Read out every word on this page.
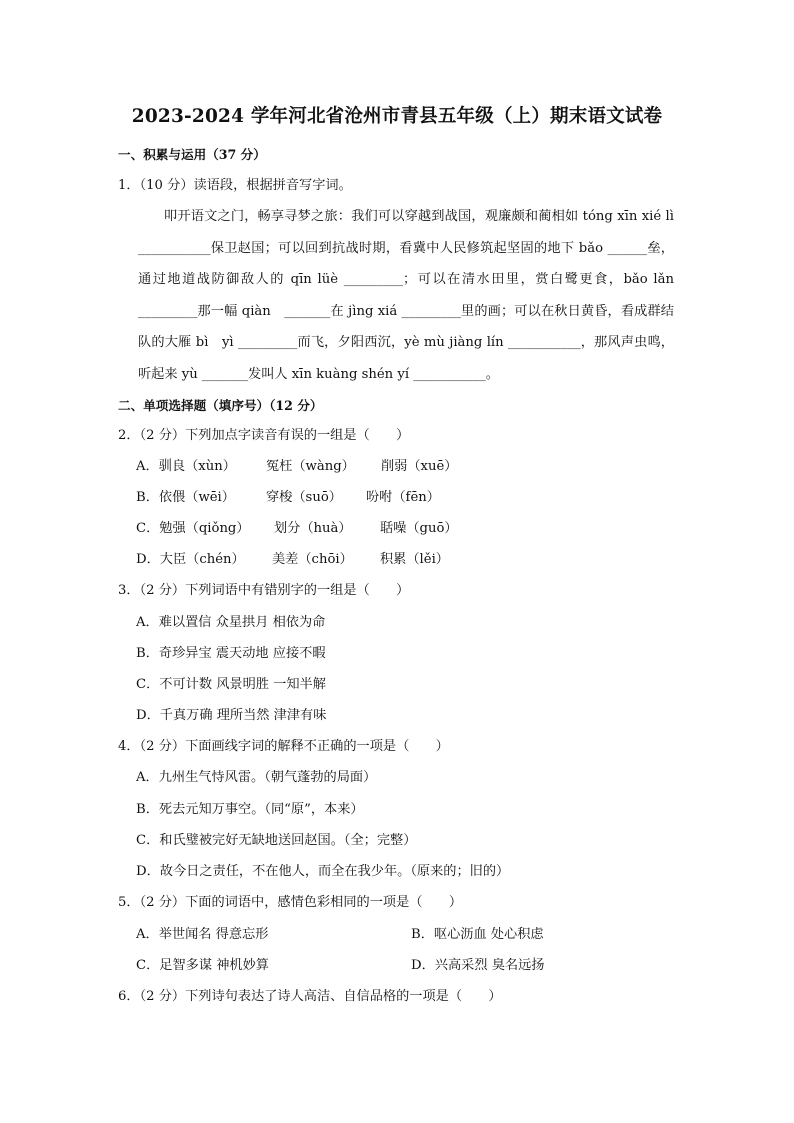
2023-2024 学年河北省沧州市青县五年级（上）期末语文试卷
一、积累与运用（37 分）
1．（10 分）读语段，根据拼音写字词。

叩开语文之门，畅享寻梦之旅：我们可以穿越到战国，观廉颇和蔺相如 tóng xīn xié lì ___________保卫赵国；可以回到抗战时期，看冀中人民修筑起坚固的地下 bǎo ______垒，通过地道战防御敌人的 qīn lüè _________；可以在清水田里，赏白鹭更食，bǎo lǎn _________那一幅 qiàn　_______在 jìng xiá _________里的画；可以在秋日黄昏，看成群结队的大雁 bì　yì _________而飞，夕阳西沉，yè mù jiàng lín ___________，那风声虫鸣，听起来 yù _______发叫人 xīn kuàng shén yí ___________。

二、单项选择题（填序号）（12 分）
2．（2 分）下列加点字读音有误的一组是（　　）
A．驯良（xùn） 冤枉（wàng） 削弱（xuē）
B．依偎（wēi） 穿梭（suō） 吩咐（fēn）
C．勉强（qiǒng） 划分（huà） 聒噪（guō）
D．大臣（chén） 美差（chōi） 积累（lěi）
3．（2 分）下列词语中有错别字的一组是（　　）
A．难以置信 众星拱月 相依为命
B．奇珍异宝 震天动地 应接不暇
C．不可计数 风景明胜 一知半解
D．千真万确 理所当然 津津有味
4．（2 分）下面画线字词的解释不正确的一项是（　　）
A．九州生气恃风雷。（朝气蓬勃的局面）
B．死去元知万事空。（同“原”，本来）
C．和氏璧被完好无缺地送回赵国。（全；完整）
D．故今日之责任，不在他人，而全在我少年。（原来的；旧的）
5．（2 分）下面的词语中，感情色彩相同的一项是（　　）
A．举世闻名 得意忘形	B．呕心沥血 处心积虑
C．足智多谋 神机妙算	D．兴高采烈 臭名远扬
6．（2 分）下列诗句表达了诗人高洁、自信品格的一项是（　　）
